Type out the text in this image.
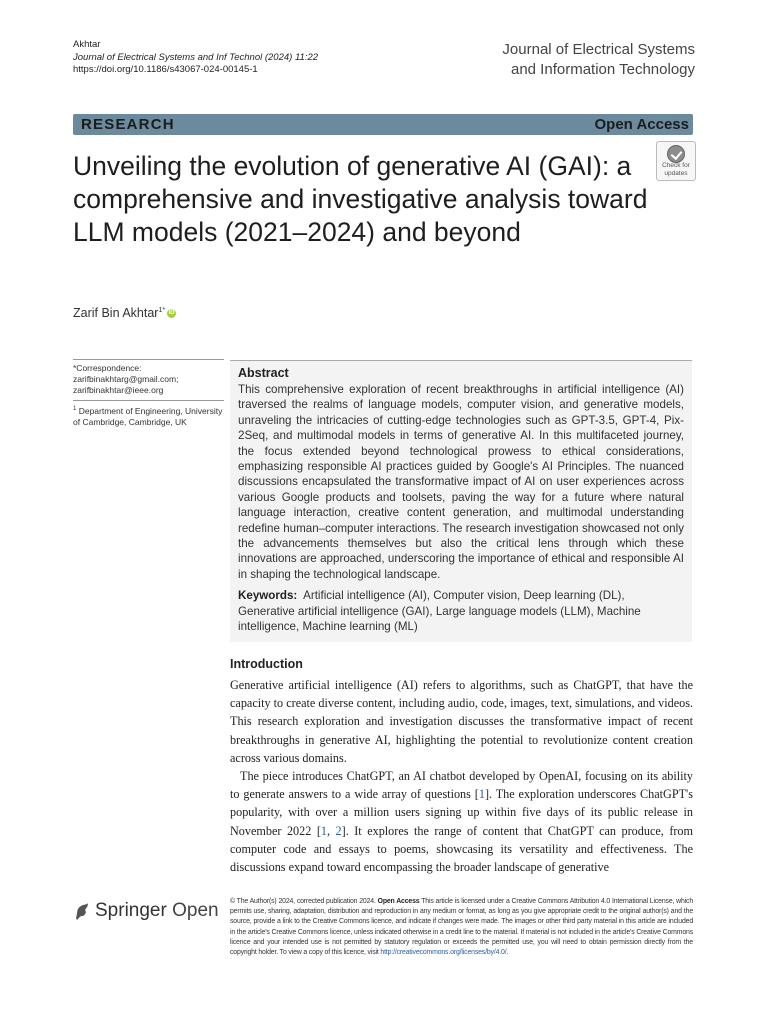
Akhtar
Journal of Electrical Systems and Inf Technol (2024) 11:22
https://doi.org/10.1186/s43067-024-00145-1
Journal of Electrical Systems
and Information Technology
RESEARCH	Open Access
Unveiling the evolution of generative AI (GAI): a comprehensive and investigative analysis toward LLM models (2021–2024) and beyond
Check for
updates
Zarif Bin Akhtar$^{1*}$ iD
*Correspondence:
zarifbinakhtarg@gmail.com;
zarifbinakhtar@ieee.org
$^1$ Department of Engineering, University of Cambridge, Cambridge, UK
Abstract
This comprehensive exploration of recent breakthroughs in artificial intelligence (AI) traversed the realms of language models, computer vision, and generative models, unraveling the intricacies of cutting-edge technologies such as GPT-3.5, GPT-4, Pix-2Seq, and multimodal models in terms of generative AI. In this multifaceted journey, the focus extended beyond technological prowess to ethical considerations, emphasizing responsible AI practices guided by Google's AI Principles. The nuanced discussions encapsulated the transformative impact of AI on user experiences across various Google products and toolsets, paving the way for a future where natural language interaction, creative content generation, and multimodal understanding redefine human–computer interactions. The research investigation showcased not only the advancements themselves but also the critical lens through which these innovations are approached, underscoring the importance of ethical and responsible AI in shaping the technological landscape.
Keywords: Artificial intelligence (AI), Computer vision, Deep learning (DL), Generative artificial intelligence (GAI), Large language models (LLM), Machine intelligence, Machine learning (ML)
Introduction
Generative artificial intelligence (AI) refers to algorithms, such as ChatGPT, that have the capacity to create diverse content, including audio, code, images, text, simulations, and videos. This research exploration and investigation discusses the transformative impact of recent breakthroughs in generative AI, highlighting the potential to revolutionize content creation across various domains.
The piece introduces ChatGPT, an AI chatbot developed by OpenAI, focusing on its ability to generate answers to a wide array of questions [1]. The exploration underscores ChatGPT's popularity, with over a million users signing up within five days of its public release in November 2022 [1, 2]. It explores the range of content that ChatGPT can produce, from computer code and essays to poems, showcasing its versatility and effectiveness. The discussions expand toward encompassing the broader landscape of generative
Springer Open © The Author(s) 2024, corrected publication 2024. Open Access This article is licensed under a Creative Commons Attribution 4.0 International License, which permits use, sharing, adaptation, distribution and reproduction in any medium or format, as long as you give appropriate credit to the original author(s) and the source, provide a link to the Creative Commons licence, and indicate if changes were made. The images or other third party material in this article are included in the article's Creative Commons licence, unless indicated otherwise in a credit line to the material. If material is not included in the article's Creative Commons licence and your intended use is not permitted by statutory regulation or exceeds the permitted use, you will need to obtain permission directly from the copyright holder. To view a copy of this licence, visit http://creativecommons.org/licenses/by/4.0/.
